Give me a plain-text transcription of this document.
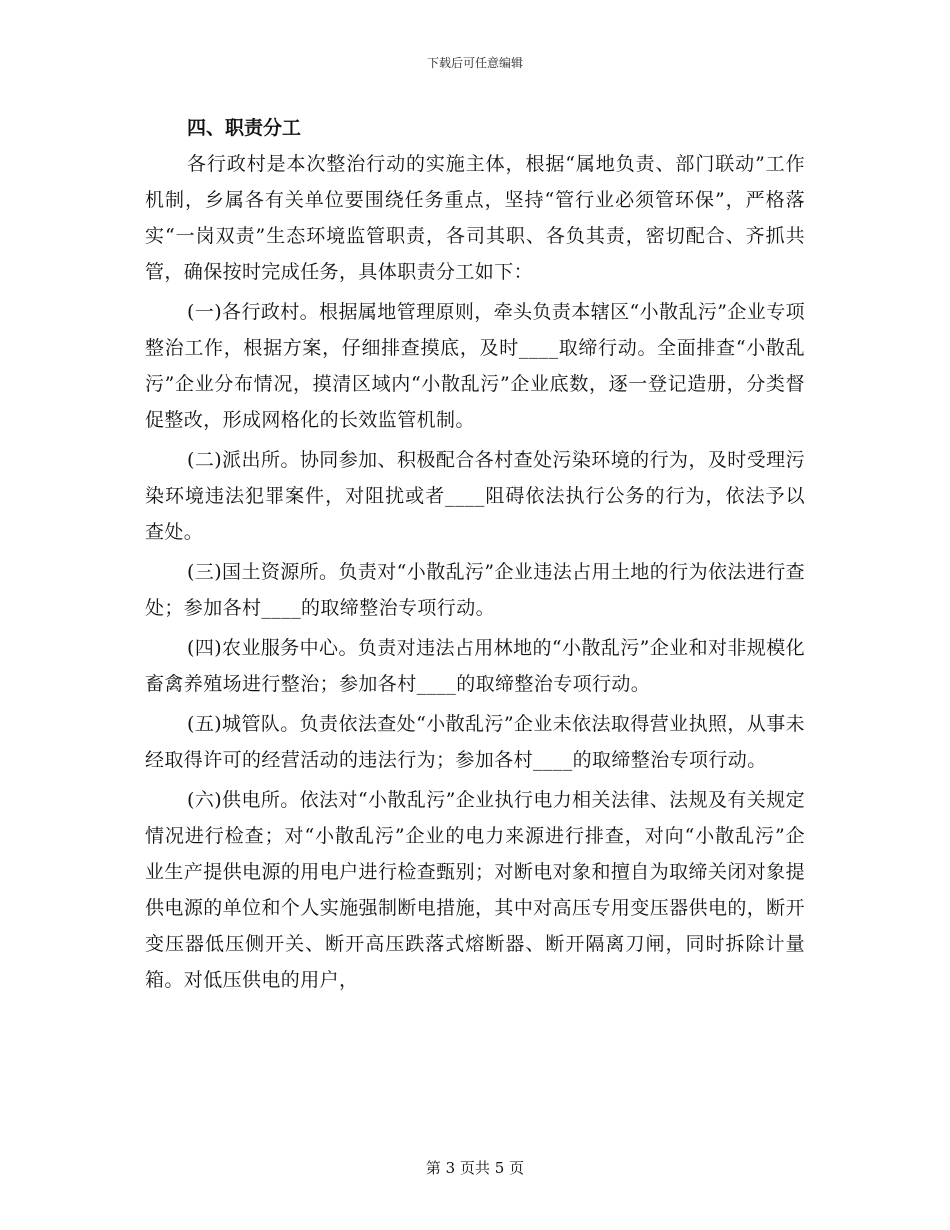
下载后可任意编辑
四、职责分工

各行政村是本次整治行动的实施主体，根据“属地负责、部门联动”工作机制，乡属各有关单位要围绕任务重点，坚持“管行业必须管环保”，严格落实“一岗双责”生态环境监管职责，各司其职、各负其责，密切配合、齐抓共管，确保按时完成任务，具体职责分工如下：

(一)各行政村。根据属地管理原则，牵头负责本辖区“小散乱污”企业专项整治工作，根据方案，仔细排查摸底，及时____取缔行动。全面排查“小散乱污”企业分布情况，摸清区域内“小散乱污”企业底数，逐一登记造册，分类督促整改，形成网格化的长效监管机制。

(二)派出所。协同参加、积极配合各村查处污染环境的行为，及时受理污染环境违法犯罪案件，对阻扰或者____阻碍依法执行公务的行为，依法予以查处。

(三)国土资源所。负责对“小散乱污”企业违法占用土地的行为依法进行查处；参加各村____的取缔整治专项行动。

(四)农业服务中心。负责对违法占用林地的“小散乱污”企业和对非规模化畜禽养殖场进行整治；参加各村____的取缔整治专项行动。

(五)城管队。负责依法查处“小散乱污”企业未依法取得营业执照，从事未经取得许可的经营活动的违法行为；参加各村____的取缔整治专项行动。

(六)供电所。依法对“小散乱污”企业执行电力相关法律、法规及有关规定情况进行检查；对“小散乱污”企业的电力来源进行排查，对向“小散乱污”企业生产提供电源的用电户进行检查甄别；对断电对象和擅自为取缔关闭对象提供电源的单位和个人实施强制断电措施，其中对高压专用变压器供电的，断开变压器低压侧开关、断开高压跌落式熔断器、断开隔离刀闸，同时拆除计量箱。对低压供电的用户，

第 3 页共 5 页
